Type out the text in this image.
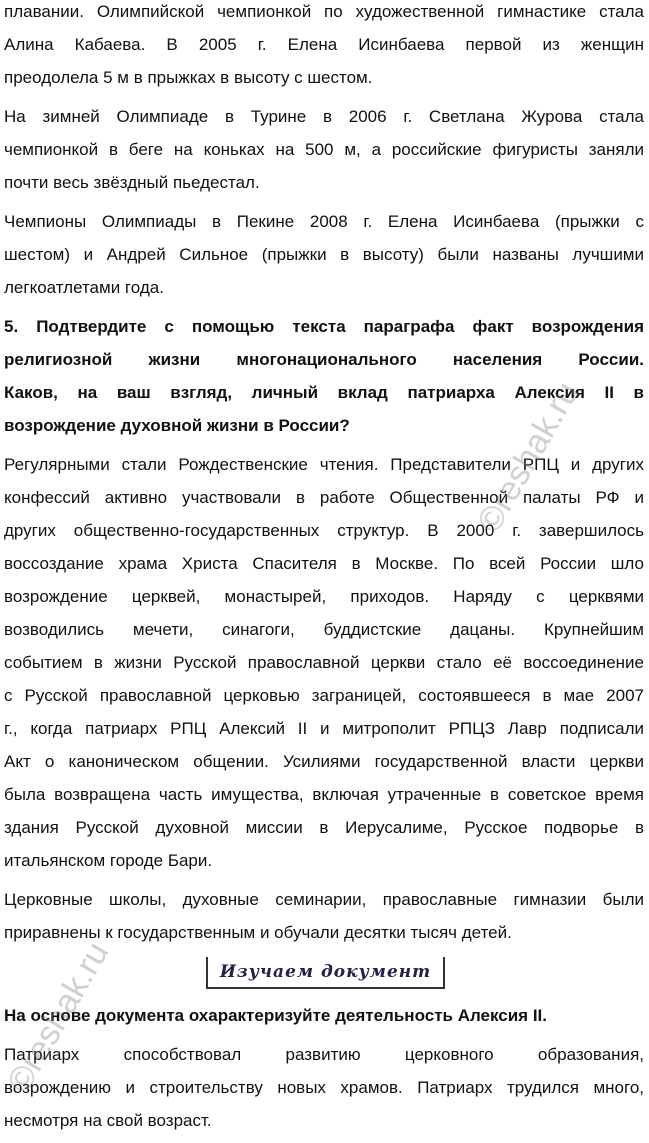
плавании. Олимпийской чемпионкой по художественной гимнастике стала
Алина Кабаева. В 2005 г. Елена Исинбаева первой из женщин
преодолела 5 м в прыжках в высоту с шестом.
На зимней Олимпиаде в Турине в 2006 г. Светлана Журова стала
чемпионкой в беге на коньках на 500 м, а российские фигуристы заняли
почти весь звёздный пьедестал.
Чемпионы Олимпиады в Пекине 2008 г. Елена Исинбаева (прыжки с
шестом) и Андрей Сильное (прыжки в высоту) были названы лучшими
легкоатлетами года.
5. Подтвердите с помощью текста параграфа факт возрождения
религиозной жизни многонационального населения России.
Каков, на ваш взгляд, личный вклад патриарха Алексия II в
возрождение духовной жизни в России?
Регулярными стали Рождественские чтения. Представители РПЦ и других
конфессий активно участвовали в работе Общественной палаты РФ и
других общественно-государственных структур. В 2000 г. завершилось
воссоздание храма Христа Спасителя в Москве. По всей России шло
возрождение церквей, монастырей, приходов. Наряду с церквями
возводились мечети, синагоги, буддистские дацаны. Крупнейшим
событием в жизни Русской православной церкви стало её воссоединение
с Русской православной церковью заграницей, состоявшееся в мае 2007
г., когда патриарх РПЦ Алексий II и митрополит РПЦЗ Лавр подписали
Акт о каноническом общении. Усилиями государственной власти церкви
была возвращена часть имущества, включая утраченные в советское время
здания Русской духовной миссии в Иерусалиме, Русское подворье в
итальянском городе Бари.
Церковные школы, духовные семинарии, православные гимназии были
приравнены к государственным и обучали десятки тысяч детей.
Изучаем документ
На основе документа охарактеризуйте деятельность Алексия II.
Патриарх способствовал развитию церковного образования,
возрождению и строительству новых храмов. Патриарх трудился много,
несмотря на свой возраст.
©reshak.ru
©reshak.ru
